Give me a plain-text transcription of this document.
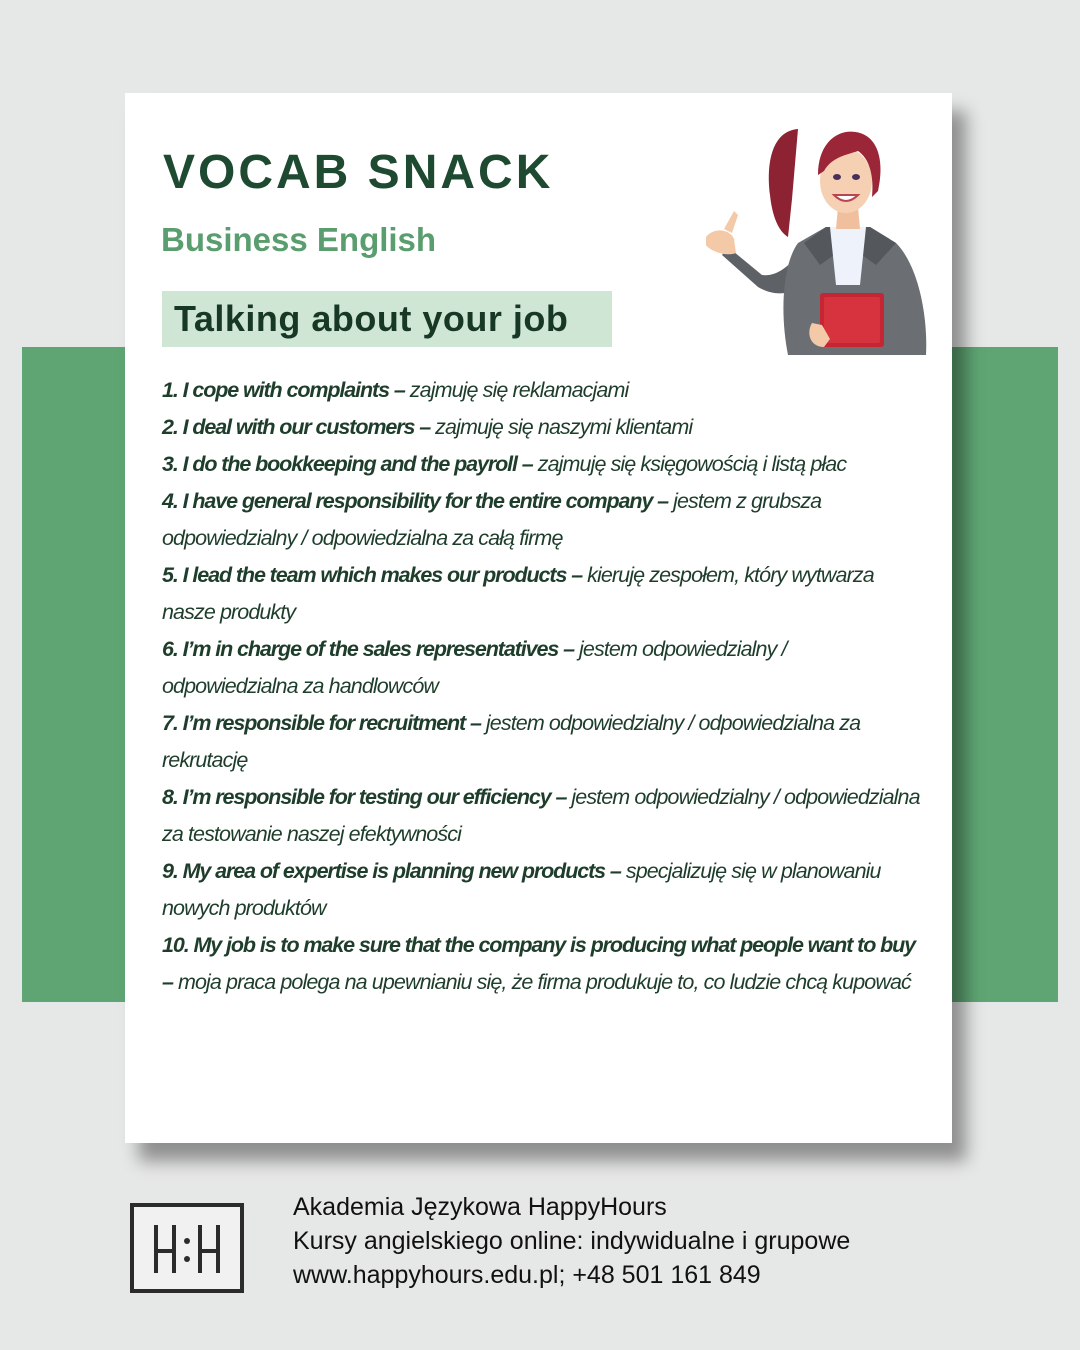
VOCAB SNACK
Business English
Talking about your job
1. I cope with complaints – zajmuję się reklamacjami
2. I deal with our customers – zajmuję się naszymi klientami
3. I do the bookkeeping and the payroll – zajmuję się księgowością i listą płac
4. I have general responsibility for the entire company – jestem z grubsza odpowiedzialny / odpowiedzialna za całą firmę
5. I lead the team which makes our products – kieruję zespołem, który wytwarza nasze produkty
6. I’m in charge of the sales representatives – jestem odpowiedzialny / odpowiedzialna za handlowców
7. I’m responsible for recruitment – jestem odpowiedzialny / odpowiedzialna za rekrutację
8. I’m responsible for testing our efficiency – jestem odpowiedzialny / odpowiedzialna za testowanie naszej efektywności
9. My area of expertise is planning new products – specjalizuję się w planowaniu nowych produktów
10. My job is to make sure that the company is producing what people want to buy – moja praca polega na upewnianiu się, że firma produkuje to, co ludzie chcą kupować
Akademia Językowa HappyHours
Kursy angielskiego online: indywidualne i grupowe
www.happyhours.edu.pl; +48 501 161 849
